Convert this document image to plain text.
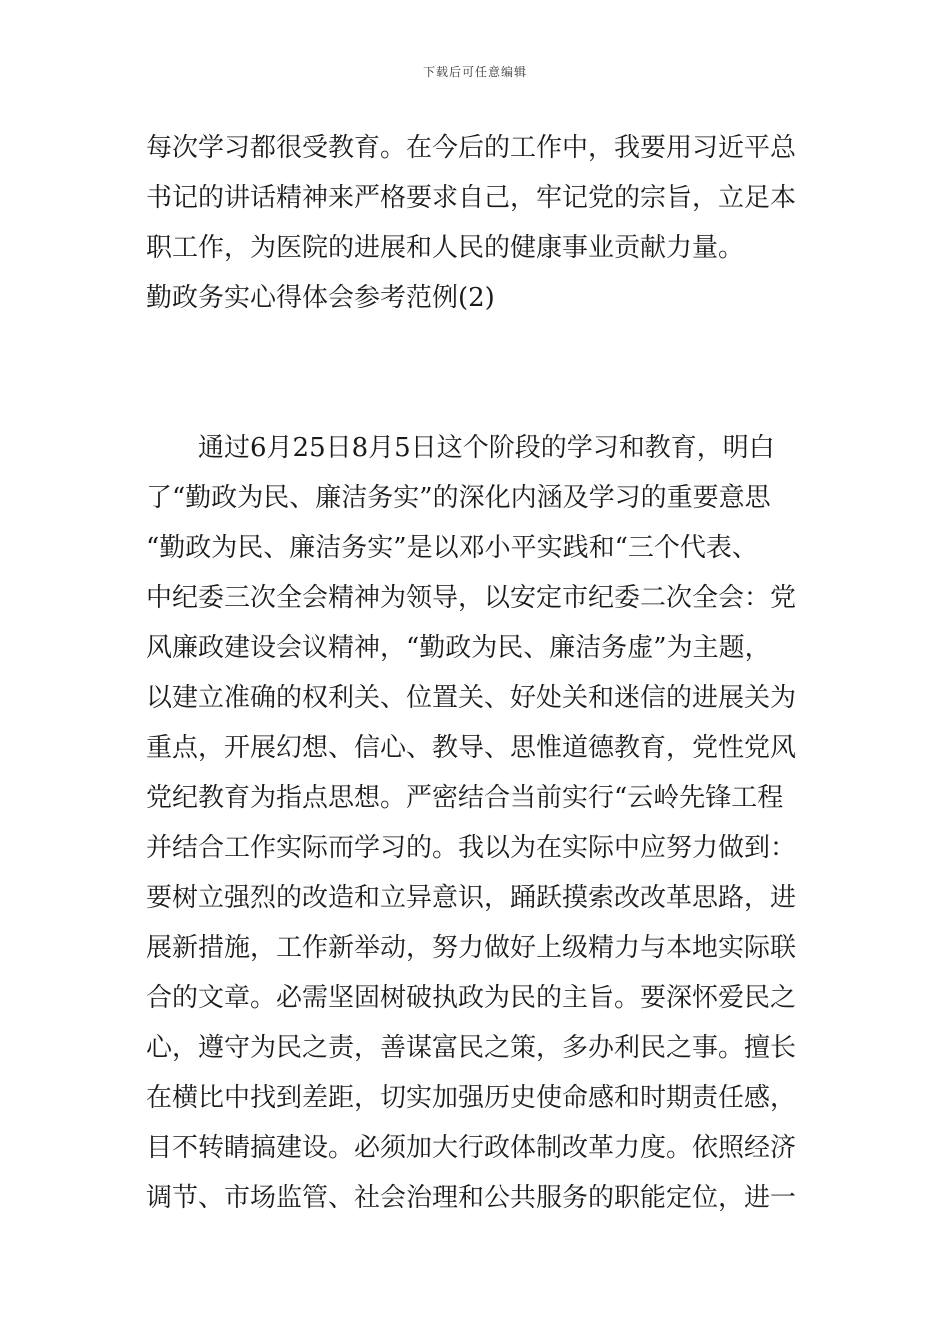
下载后可任意编辑
每次学习都很受教育。在今后的工作中，我要用习近平总
书记的讲话精神来严格要求自己，牢记党的宗旨，立足本
职工作，为医院的进展和人民的健康事业贡献力量。
勤政务实心得体会参考范例(2)
通过6月25日8月5日这个阶段的学习和教育，明白
了“勤政为民、廉洁务实”的深化内涵及学习的重要意思
“勤政为民、廉洁务实”是以邓小平实践和“三个代表、
中纪委三次全会精神为领导，以安定市纪委二次全会：党
风廉政建设会议精神，“勤政为民、廉洁务虚”为主题，
以建立准确的权利关、位置关、好处关和迷信的进展关为
重点，开展幻想、信心、教导、思惟道德教育，党性党风
党纪教育为指点思想。严密结合当前实行“云岭先锋工程
并结合工作实际而学习的。我以为在实际中应努力做到：
要树立强烈的改造和立异意识，踊跃摸索改改革思路，进
展新措施，工作新举动，努力做好上级精力与本地实际联
合的文章。必需坚固树破执政为民的主旨。要深怀爱民之
心，遵守为民之责，善谋富民之策，多办利民之事。擅长
在横比中找到差距，切实加强历史使命感和时期责任感，
目不转睛搞建设。必须加大行政体制改革力度。依照经济
调节、市场监管、社会治理和公共服务的职能定位，进一
